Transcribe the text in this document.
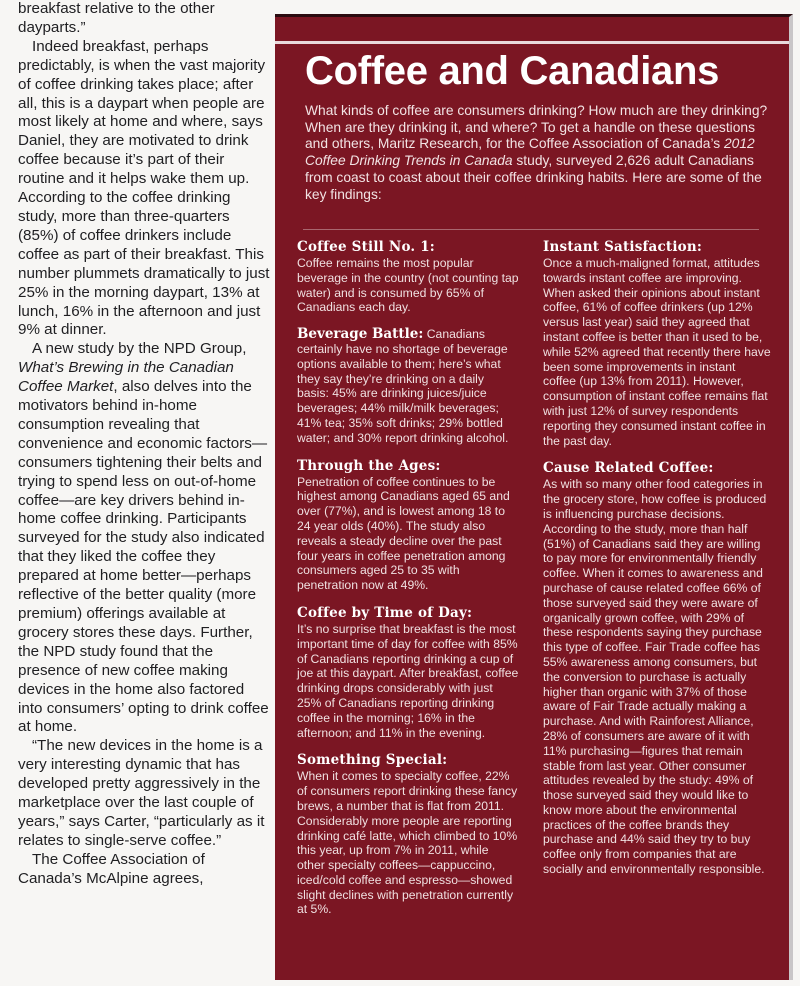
breakfast relative to the other dayparts.”

Indeed breakfast, perhaps predictably, is when the vast majority of coffee drinking takes place; after all, this is a daypart when people are most likely at home and where, says Daniel, they are motivated to drink coffee because it’s part of their routine and it helps wake them up. According to the coffee drinking study, more than three-quarters (85%) of coffee drinkers include coffee as part of their breakfast. This number plummets dramatically to just 25% in the morning daypart, 13% at lunch, 16% in the afternoon and just 9% at dinner.

A new study by the NPD Group, What’s Brewing in the Canadian Coffee Market, also delves into the motivators behind in-home consumption revealing that convenience and economic factors—consumers tightening their belts and trying to spend less on out-of-home coffee—are key drivers behind in-home coffee drinking. Participants surveyed for the study also indicated that they liked the coffee they prepared at home better—perhaps reflective of the better quality (more premium) offerings available at grocery stores these days. Further, the NPD study found that the presence of new coffee making devices in the home also factored into consumers’ opting to drink coffee at home.

“The new devices in the home is a very interesting dynamic that has developed pretty aggressively in the marketplace over the last couple of years,” says Carter, “particularly as it relates to single-serve coffee.”

The Coffee Association of Canada’s McAlpine agrees,

Coffee and Canadians

What kinds of coffee are consumers drinking? How much are they drinking? When are they drinking it, and where? To get a handle on these questions and others, Maritz Research, for the Coffee Association of Canada’s 2012 Coffee Drinking Trends in Canada study, surveyed 2,626 adult Canadians from coast to coast about their coffee drinking habits. Here are some of the key findings:

Coffee Still No. 1:

Coffee remains the most popular beverage in the country (not counting tap water) and is consumed by 65% of Canadians each day.

Beverage Battle: Canadians certainly have no shortage of beverage options available to them; here’s what they say they’re drinking on a daily basis: 45% are drinking juices/juice beverages; 44% milk/milk beverages; 41% tea; 35% soft drinks; 29% bottled water; and 30% report drinking alcohol.

Through the Ages:

Penetration of coffee continues to be highest among Canadians aged 65 and over (77%), and is lowest among 18 to 24 year olds (40%). The study also reveals a steady decline over the past four years in coffee penetration among consumers aged 25 to 35 with penetration now at 49%.

Coffee by Time of Day:

It’s no surprise that breakfast is the most important time of day for coffee with 85% of Canadians reporting drinking a cup of joe at this daypart. After breakfast, coffee drinking drops considerably with just 25% of Canadians reporting drinking coffee in the morning; 16% in the afternoon; and 11% in the evening.

Something Special:

When it comes to specialty coffee, 22% of consumers report drinking these fancy brews, a number that is flat from 2011. Considerably more people are reporting drinking café latte, which climbed to 10% this year, up from 7% in 2011, while other specialty coffees—cappuccino, iced/cold coffee and espresso—showed slight declines with penetration currently at 5%.

Instant Satisfaction:

Once a much-maligned format, attitudes towards instant coffee are improving. When asked their opinions about instant coffee, 61% of coffee drinkers (up 12% versus last year) said they agreed that instant coffee is better than it used to be, while 52% agreed that recently there have been some improvements in instant coffee (up 13% from 2011). However, consumption of instant coffee remains flat with just 12% of survey respondents reporting they consumed instant coffee in the past day.

Cause Related Coffee:

As with so many other food categories in the grocery store, how coffee is produced is influencing purchase decisions. According to the study, more than half (51%) of Canadians said they are willing to pay more for environmentally friendly coffee. When it comes to awareness and purchase of cause related coffee 66% of those surveyed said they were aware of organically grown coffee, with 29% of these respondents saying they purchase this type of coffee. Fair Trade coffee has 55% awareness among consumers, but the conversion to purchase is actually higher than organic with 37% of those aware of Fair Trade actually making a purchase. And with Rainforest Alliance, 28% of consumers are aware of it with 11% purchasing—figures that remain stable from last year. Other consumer attitudes revealed by the study: 49% of those surveyed said they would like to know more about the environmental practices of the coffee brands they purchase and 44% said they try to buy coffee only from companies that are socially and environmentally responsible.
